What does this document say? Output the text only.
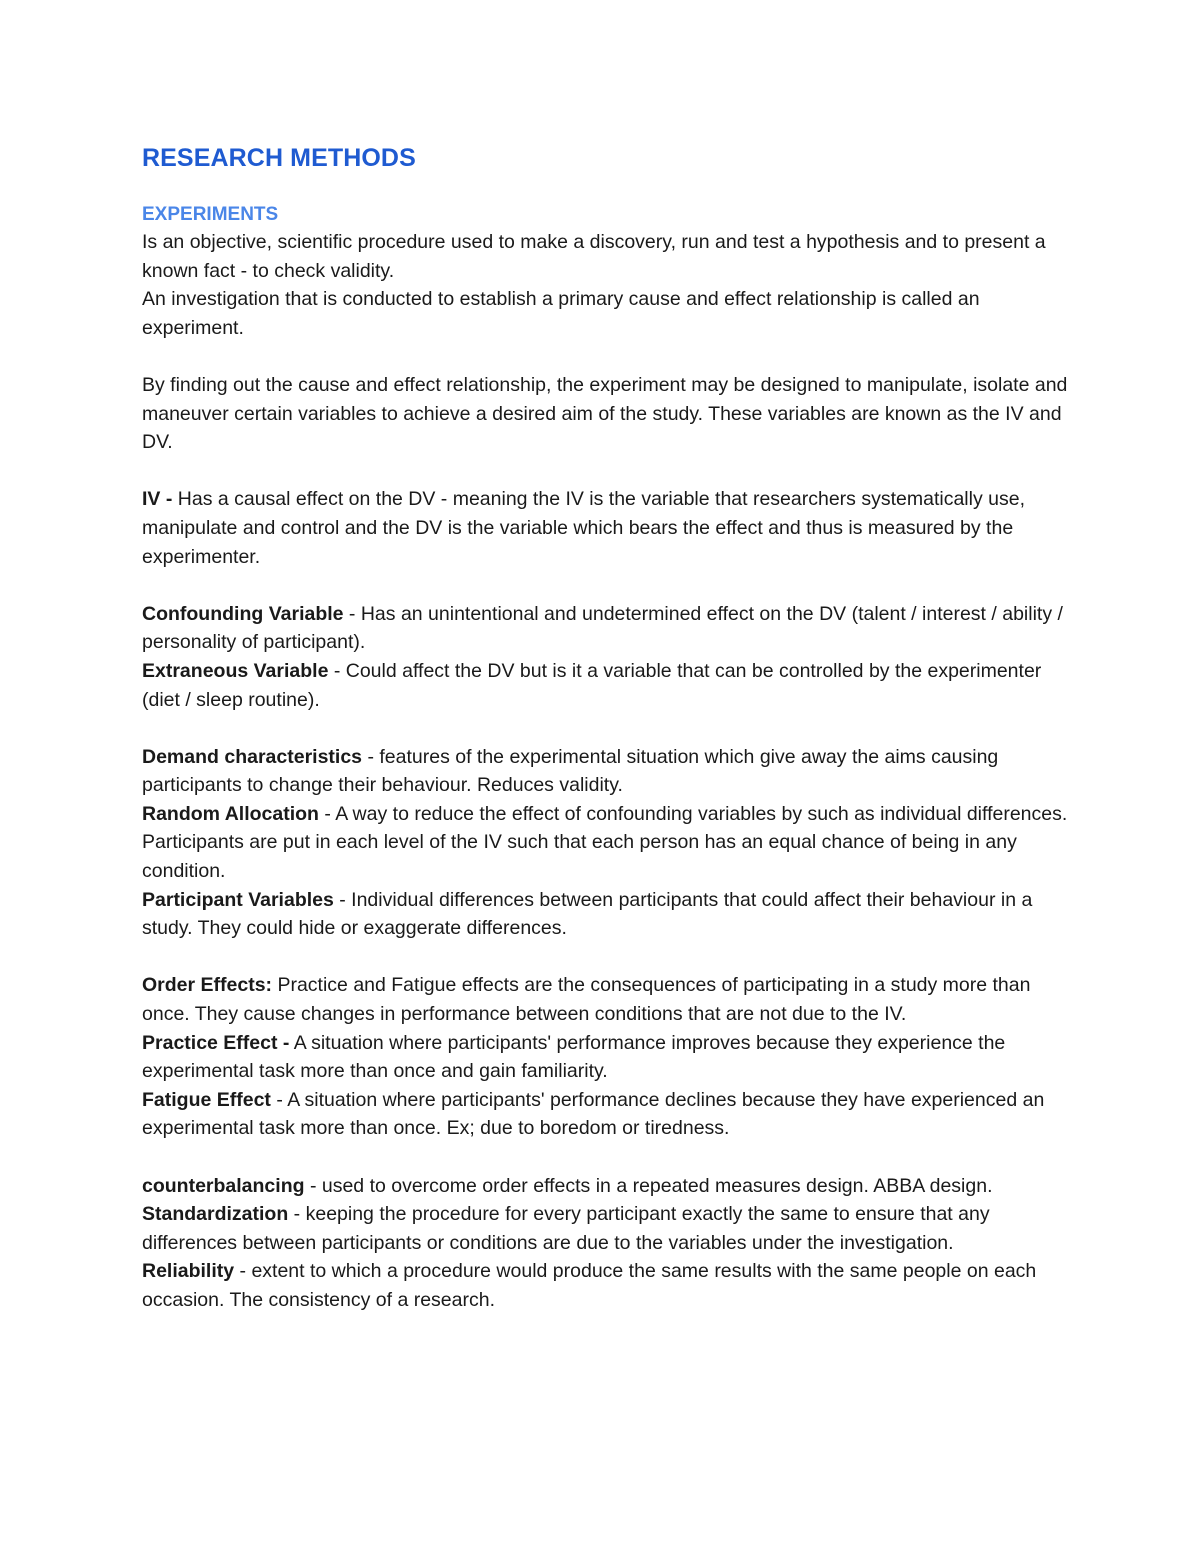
RESEARCH METHODS
EXPERIMENTS

Is an objective, scientific procedure used to make a discovery, run and test a hypothesis and to present a known fact - to check validity.

An investigation that is conducted to establish a primary cause and effect relationship is called an experiment.

By finding out the cause and effect relationship, the experiment may be designed to manipulate, isolate and maneuver certain variables to achieve a desired aim of the study. These variables are known as the IV and DV.

IV - Has a causal effect on the DV - meaning the IV is the variable that researchers systematically use, manipulate and control and the DV is the variable which bears the effect and thus is measured by the experimenter.

Confounding Variable - Has an unintentional and undetermined effect on the DV (talent / interest / ability / personality of participant).

Extraneous Variable - Could affect the DV but is it a variable that can be controlled by the experimenter (diet / sleep routine).

Demand characteristics - features of the experimental situation which give away the aims causing participants to change their behaviour. Reduces validity.

Random Allocation - A way to reduce the effect of confounding variables by such as individual differences. Participants are put in each level of the IV such that each person has an equal chance of being in any condition.

Participant Variables - Individual differences between participants that could affect their behaviour in a study. They could hide or exaggerate differences.

Order Effects: Practice and Fatigue effects are the consequences of participating in a study more than once. They cause changes in performance between conditions that are not due to the IV.

Practice Effect - A situation where participants' performance improves because they experience the experimental task more than once and gain familiarity.

Fatigue Effect - A situation where participants' performance declines because they have experienced an experimental task more than once. Ex; due to boredom or tiredness.

counterbalancing - used to overcome order effects in a repeated measures design. ABBA design.

Standardization - keeping the procedure for every participant exactly the same to ensure that any differences between participants or conditions are due to the variables under the investigation.

Reliability - extent to which a procedure would produce the same results with the same people on each occasion. The consistency of a research.
